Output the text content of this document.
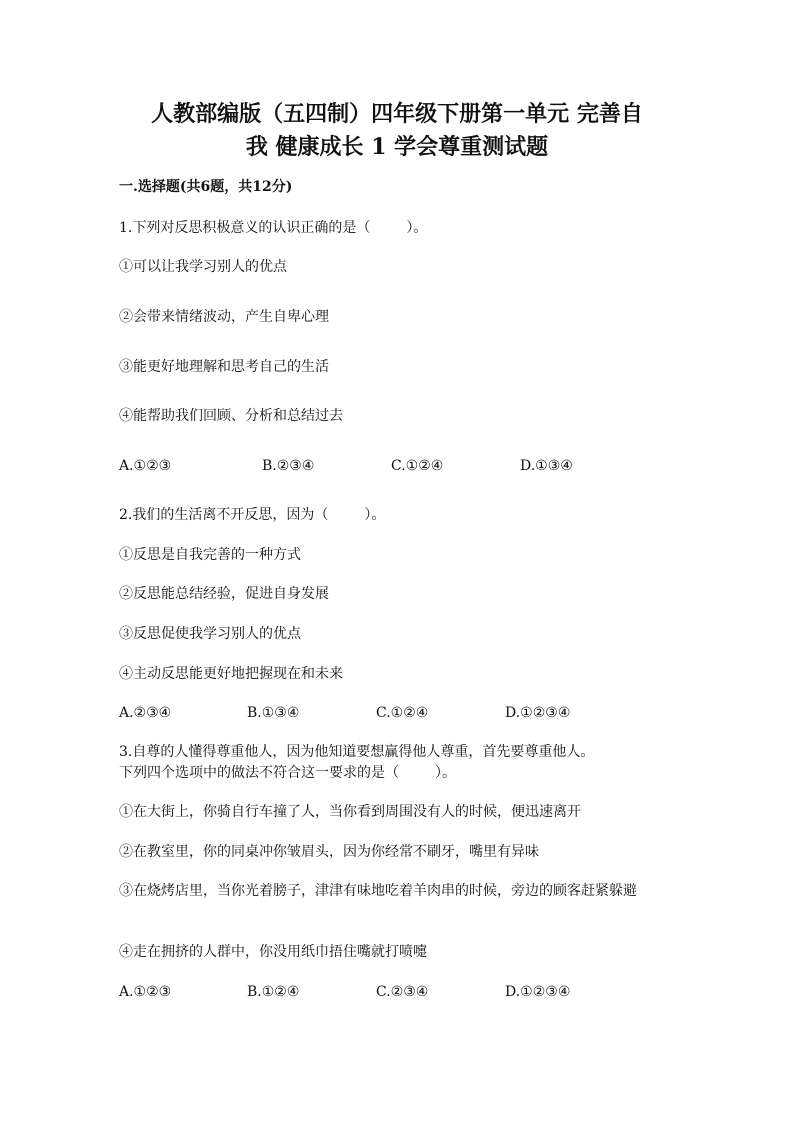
人教部编版（五四制）四年级下册第一单元 完善自
我 健康成长 1 学会尊重测试题
一.选择题(共6题，共12分)
1.下列对反思积极意义的认识正确的是（	）。
①可以让我学习别人的优点
②会带来情绪波动，产生自卑心理
③能更好地理解和思考自己的生活
④能帮助我们回顾、分析和总结过去
A.①②③	B.②③④	C.①②④	D.①③④
2.我们的生活离不开反思，因为（	）。
①反思是自我完善的一种方式
②反思能总结经验，促进自身发展
③反思促使我学习别人的优点
④主动反思能更好地把握现在和未来
A.②③④	B.①③④	C.①②④	D.①②③④
3.自尊的人懂得尊重他人，因为他知道要想赢得他人尊重，首先要尊重他人。
下列四个选项中的做法不符合这一要求的是（	）。
①在大街上，你骑自行车撞了人，当你看到周围没有人的时候，便迅速离开
②在教室里，你的同桌冲你皱眉头，因为你经常不刷牙，嘴里有异味
③在烧烤店里，当你光着膀子，津津有味地吃着羊肉串的时候，旁边的顾客赶紧躲避
④走在拥挤的人群中，你没用纸巾捂住嘴就打喷嚏
A.①②③	B.①②④	C.②③④	D.①②③④
